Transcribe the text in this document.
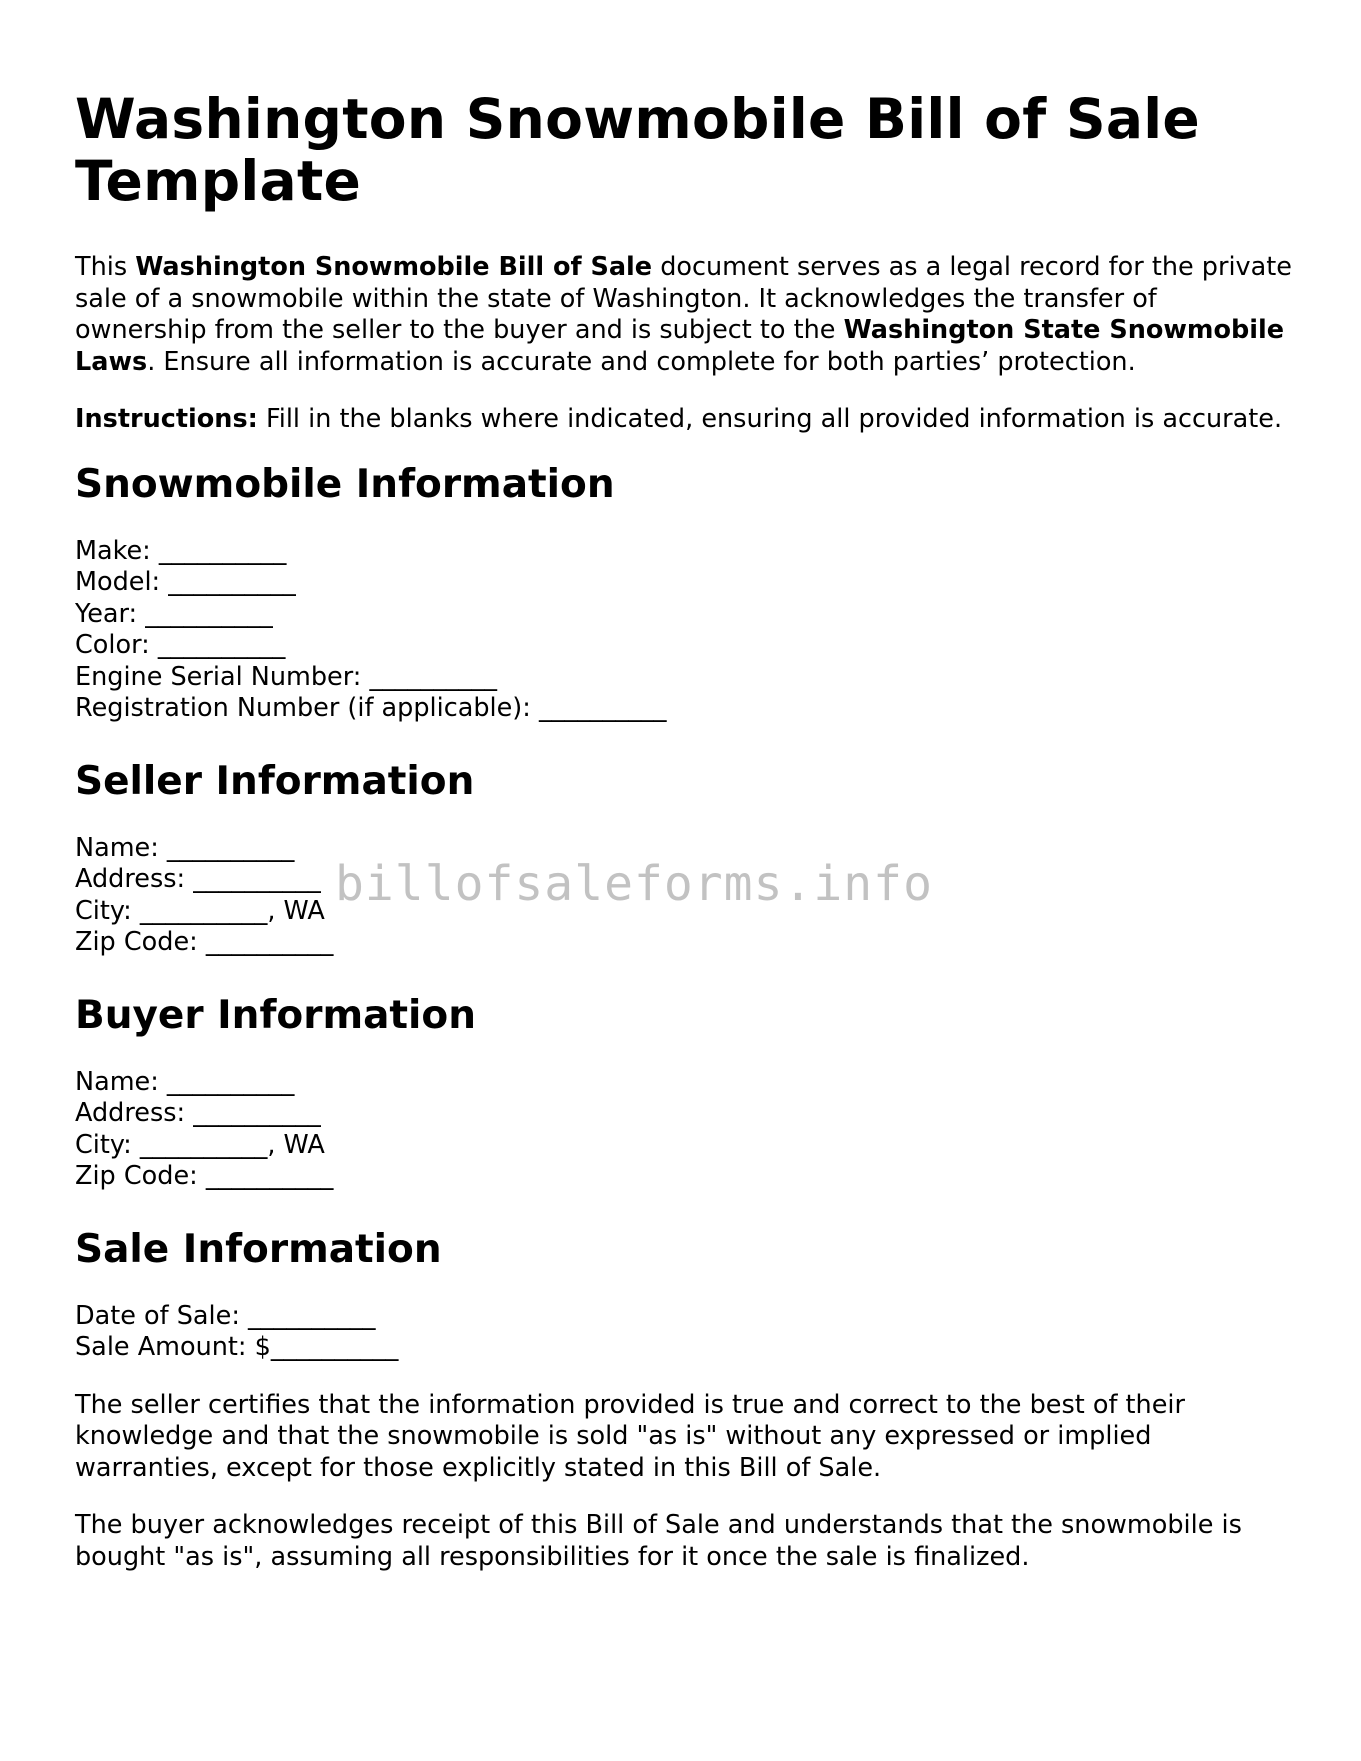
Washington Snowmobile Bill of Sale Template

This Washington Snowmobile Bill of Sale document serves as a legal record for the private sale of a snowmobile within the state of Washington. It acknowledges the transfer of ownership from the seller to the buyer and is subject to the Washington State Snowmobile Laws. Ensure all information is accurate and complete for both parties’ protection.

Instructions: Fill in the blanks where indicated, ensuring all provided information is accurate.

Snowmobile Information
Make: __________
Model: __________
Year: __________
Color: __________
Engine Serial Number: __________
Registration Number (if applicable): __________
Seller Information
Name: __________
Address: __________
City: __________, WA
Zip Code: __________
Buyer Information
Name: __________
Address: __________
City: __________, WA
Zip Code: __________
Sale Information
Date of Sale: __________
Sale Amount: $__________

The seller certifies that the information provided is true and correct to the best of their knowledge and that the snowmobile is sold "as is" without any expressed or implied warranties, except for those explicitly stated in this Bill of Sale.

The buyer acknowledges receipt of this Bill of Sale and understands that the snowmobile is bought "as is", assuming all responsibilities for it once the sale is finalized.

billofsaleforms.info
